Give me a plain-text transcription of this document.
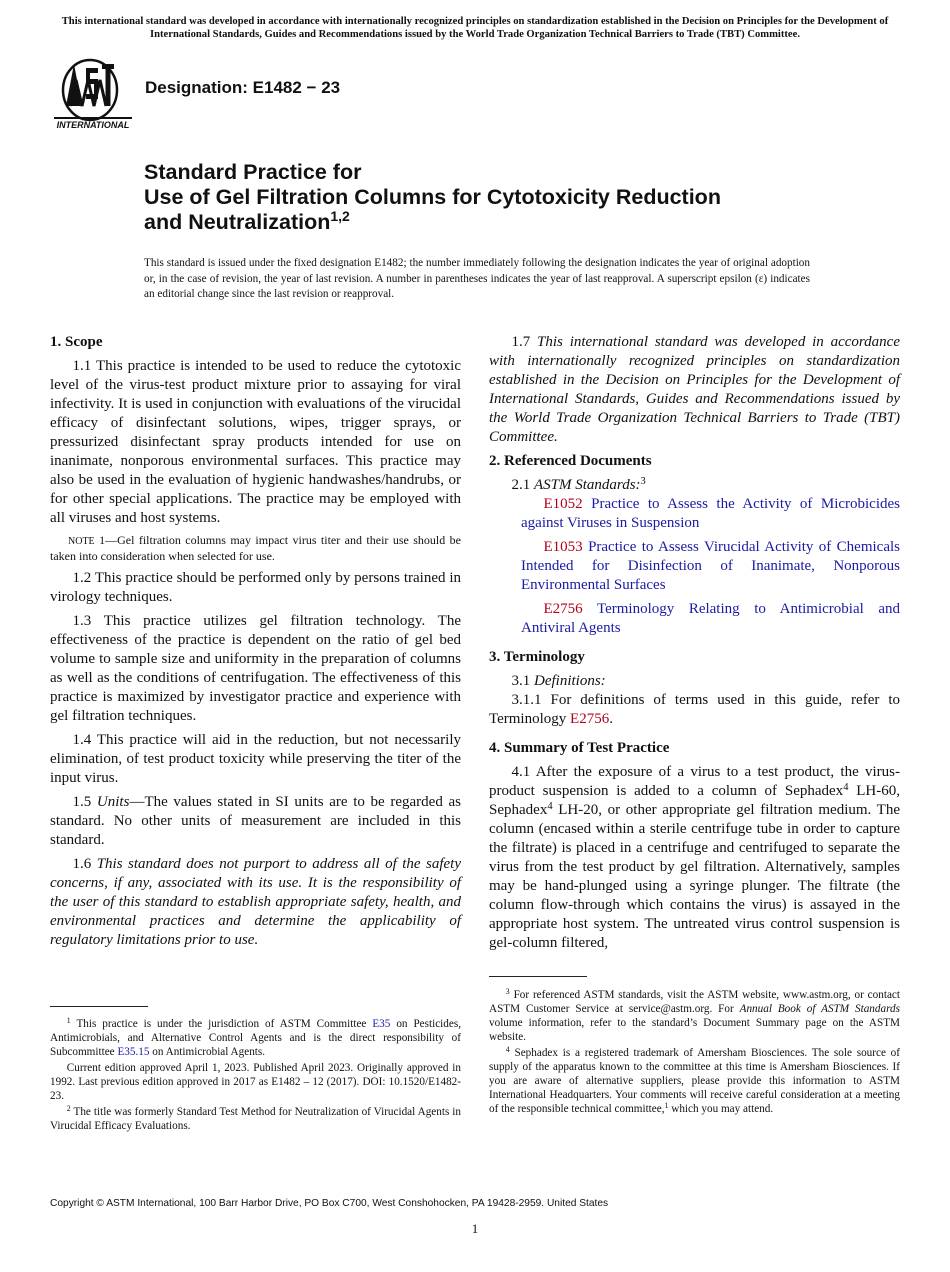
This international standard was developed in accordance with internationally recognized principles on standardization established in the Decision on Principles for the Development of International Standards, Guides and Recommendations issued by the World Trade Organization Technical Barriers to Trade (TBT) Committee.
INTERNATIONAL
Designation: E1482 − 23
Standard Practice for
Use of Gel Filtration Columns for Cytotoxicity Reduction
and Neutralization$^{1,2}$
This standard is issued under the fixed designation E1482; the number immediately following the designation indicates the year of original adoption or, in the case of revision, the year of last revision. A number in parentheses indicates the year of last reapproval. A superscript epsilon (ε) indicates an editorial change since the last revision or reapproval.
1. Scope

1.1 This practice is intended to be used to reduce the cytotoxic level of the virus-test product mixture prior to assaying for viral infectivity. It is used in conjunction with evaluations of the virucidal efficacy of disinfectant solutions, wipes, trigger sprays, or pressurized disinfectant spray products intended for use on inanimate, nonporous environmental surfaces. This practice may also be used in the evaluation of hygienic handwashes/handrubs, or for other special applications. The practice may be employed with all viruses and host systems.

NOTE 1—Gel filtration columns may impact virus titer and their use should be taken into consideration when selected for use.

1.2 This practice should be performed only by persons trained in virology techniques.

1.3 This practice utilizes gel filtration technology. The effectiveness of the practice is dependent on the ratio of gel bed volume to sample size and uniformity in the preparation of columns as well as the conditions of centrifugation. The effectiveness of this practice is maximized by investigator practice and experience with gel filtration techniques.

1.4 This practice will aid in the reduction, but not necessarily elimination, of test product toxicity while preserving the titer of the input virus.

1.5 Units—The values stated in SI units are to be regarded as standard. No other units of measurement are included in this standard.

1.6 This standard does not purport to address all of the safety concerns, if any, associated with its use. It is the responsibility of the user of this standard to establish appropriate safety, health, and environmental practices and determine the applicability of regulatory limitations prior to use.

1.7 This international standard was developed in accordance with internationally recognized principles on standardization established in the Decision on Principles for the Development of International Standards, Guides and Recommendations issued by the World Trade Organization Technical Barriers to Trade (TBT) Committee.

2. Referenced Documents

2.1 ASTM Standards:$^3$

E1052 Practice to Assess the Activity of Microbicides against Viruses in Suspension

E1053 Practice to Assess Virucidal Activity of Chemicals Intended for Disinfection of Inanimate, Nonporous Environmental Surfaces

E2756 Terminology Relating to Antimicrobial and Antiviral Agents

3. Terminology

3.1 Definitions:

3.1.1 For definitions of terms used in this guide, refer to Terminology E2756.

4. Summary of Test Practice

4.1 After the exposure of a virus to a test product, the virus-product suspension is added to a column of Sephadex$^4$ LH-60, Sephadex$^4$ LH-20, or other appropriate gel filtration medium. The column (encased within a sterile centrifuge tube in order to capture the filtrate) is placed in a centrifuge and centrifuged to separate the virus from the test product by gel filtration. Alternatively, samples may be hand-plunged using a syringe plunger. The filtrate (the column flow-through which contains the virus) is assayed in the appropriate host system. The untreated virus control suspension is gel-column filtered,

$^1$ This practice is under the jurisdiction of ASTM Committee E35 on Pesticides, Antimicrobials, and Alternative Control Agents and is the direct responsibility of Subcommittee E35.15 on Antimicrobial Agents.

Current edition approved April 1, 2023. Published April 2023. Originally approved in 1992. Last previous edition approved in 2017 as E1482 – 12 (2017). DOI: 10.1520/E1482-23.

$^2$ The title was formerly Standard Test Method for Neutralization of Virucidal Agents in Virucidal Efficacy Evaluations.

$^3$ For referenced ASTM standards, visit the ASTM website, www.astm.org, or contact ASTM Customer Service at service@astm.org. For Annual Book of ASTM Standards volume information, refer to the standard’s Document Summary page on the ASTM website.

$^4$ Sephadex is a registered trademark of Amersham Biosciences. The sole source of supply of the apparatus known to the committee at this time is Amersham Biosciences. If you are aware of alternative suppliers, please provide this information to ASTM International Headquarters. Your comments will receive careful consideration at a meeting of the responsible technical committee,$^1$ which you may attend.

Copyright © ASTM International, 100 Barr Harbor Drive, PO Box C700, West Conshohocken, PA 19428-2959. United States
1
